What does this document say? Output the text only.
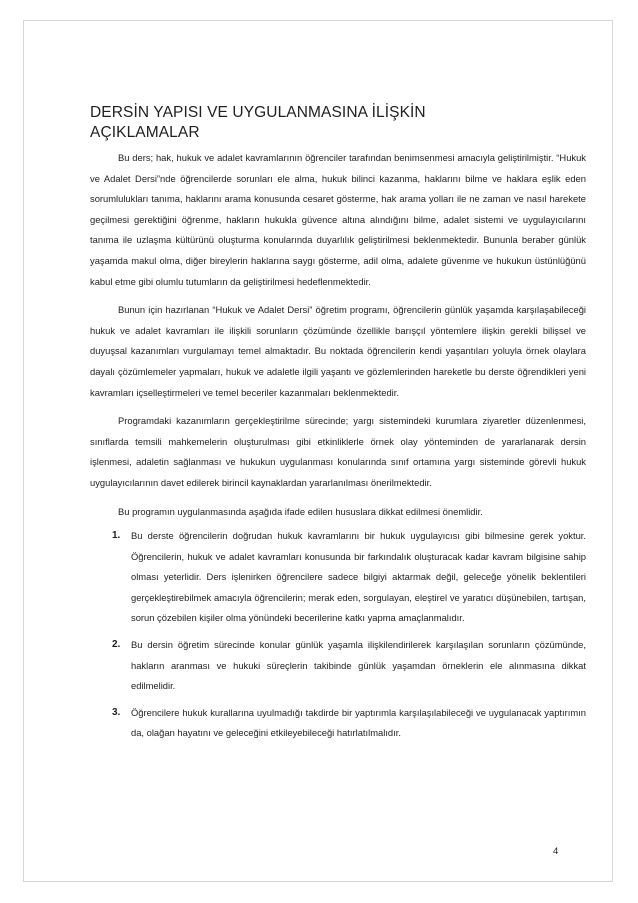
DERSİN YAPISI VE UYGULANMASINA İLİŞKİN
AÇIKLAMALAR

Bu ders; hak, hukuk ve adalet kavramlarının öğrenciler tarafından benimsenmesi amacıyla geliştirilmiştir. “Hukuk ve Adalet Dersi”nde öğrencilerde sorunları ele alma, hukuk bilinci kazanma, haklarını bilme ve haklara eşlik eden sorumlulukları tanıma, haklarını arama konusunda cesaret gösterme, hak arama yolları ile ne zaman ve nasıl harekete geçilmesi gerektiğini öğrenme, hakların hukukla güvence altına alındığını bilme, adalet sistemi ve uygulayıcılarını tanıma ile uzlaşma kültürünü oluşturma konularında duyarlılık geliştirilmesi beklenmektedir. Bununla beraber günlük yaşamda makul olma, diğer bireylerin haklarına saygı gösterme, adil olma, adalete güvenme ve hukukun üstünlüğünü kabul etme gibi olumlu tutumların da geliştirilmesi hedeflenmektedir.

Bunun için hazırlanan “Hukuk ve Adalet Dersi” öğretim programı, öğrencilerin günlük yaşamda karşılaşabileceği hukuk ve adalet kavramları ile ilişkili sorunların çözümünde özellikle barışçıl yöntemlere ilişkin gerekli bilişsel ve duyuşsal kazanımları vurgulamayı temel almaktadır. Bu noktada öğrencilerin kendi yaşantıları yoluyla örnek olaylara dayalı çözümlemeler yapmaları, hukuk ve adaletle ilgili yaşantı ve gözlemlerinden hareketle bu derste öğrendikleri yeni kavramları içselleştirmeleri ve temel beceriler kazanmaları beklenmektedir.

Programdaki kazanımların gerçekleştirilme sürecinde; yargı sistemindeki kurumlara ziyaretler düzenlenmesi, sınıflarda temsili mahkemelerin oluşturulması gibi etkinliklerle örnek olay yönteminden de yararlanarak dersin işlenmesi, adaletin sağlanması ve hukukun uygulanması konularında sınıf ortamına yargı sisteminde görevli hukuk uygulayıcılarının davet edilerek birincil kaynaklardan yararlanılması önerilmektedir.

Bu programın uygulanmasında aşağıda ifade edilen hususlara dikkat edilmesi önemlidir.

1.	Bu derste öğrencilerin doğrudan hukuk kavramlarını bir hukuk uygulayıcısı gibi bilmesine gerek yoktur. Öğrencilerin, hukuk ve adalet kavramları konusunda bir farkındalık oluşturacak kadar kavram bilgisine sahip olması yeterlidir. Ders işlenirken öğrencilere sadece bilgiyi aktarmak değil, geleceğe yönelik beklentileri gerçekleştirebilmek amacıyla öğrencilerin; merak eden, sorgulayan, eleştirel ve yaratıcı düşünebilen, tartışan, sorun çözebilen kişiler olma yönündeki becerilerine katkı yapma amaçlanmalıdır.
2.	Bu dersin öğretim sürecinde konular günlük yaşamla ilişkilendirilerek karşılaşılan sorunların çözümünde, hakların aranması ve hukuki süreçlerin takibinde günlük yaşamdan örneklerin ele alınmasına dikkat edilmelidir.
3.	Öğrencilere hukuk kurallarına uyulmadığı takdirde bir yaptırımla karşılaşılabileceği ve uygulanacak yaptırımın da, olağan hayatını ve geleceğini etkileyebileceği hatırlatılmalıdır.
4
